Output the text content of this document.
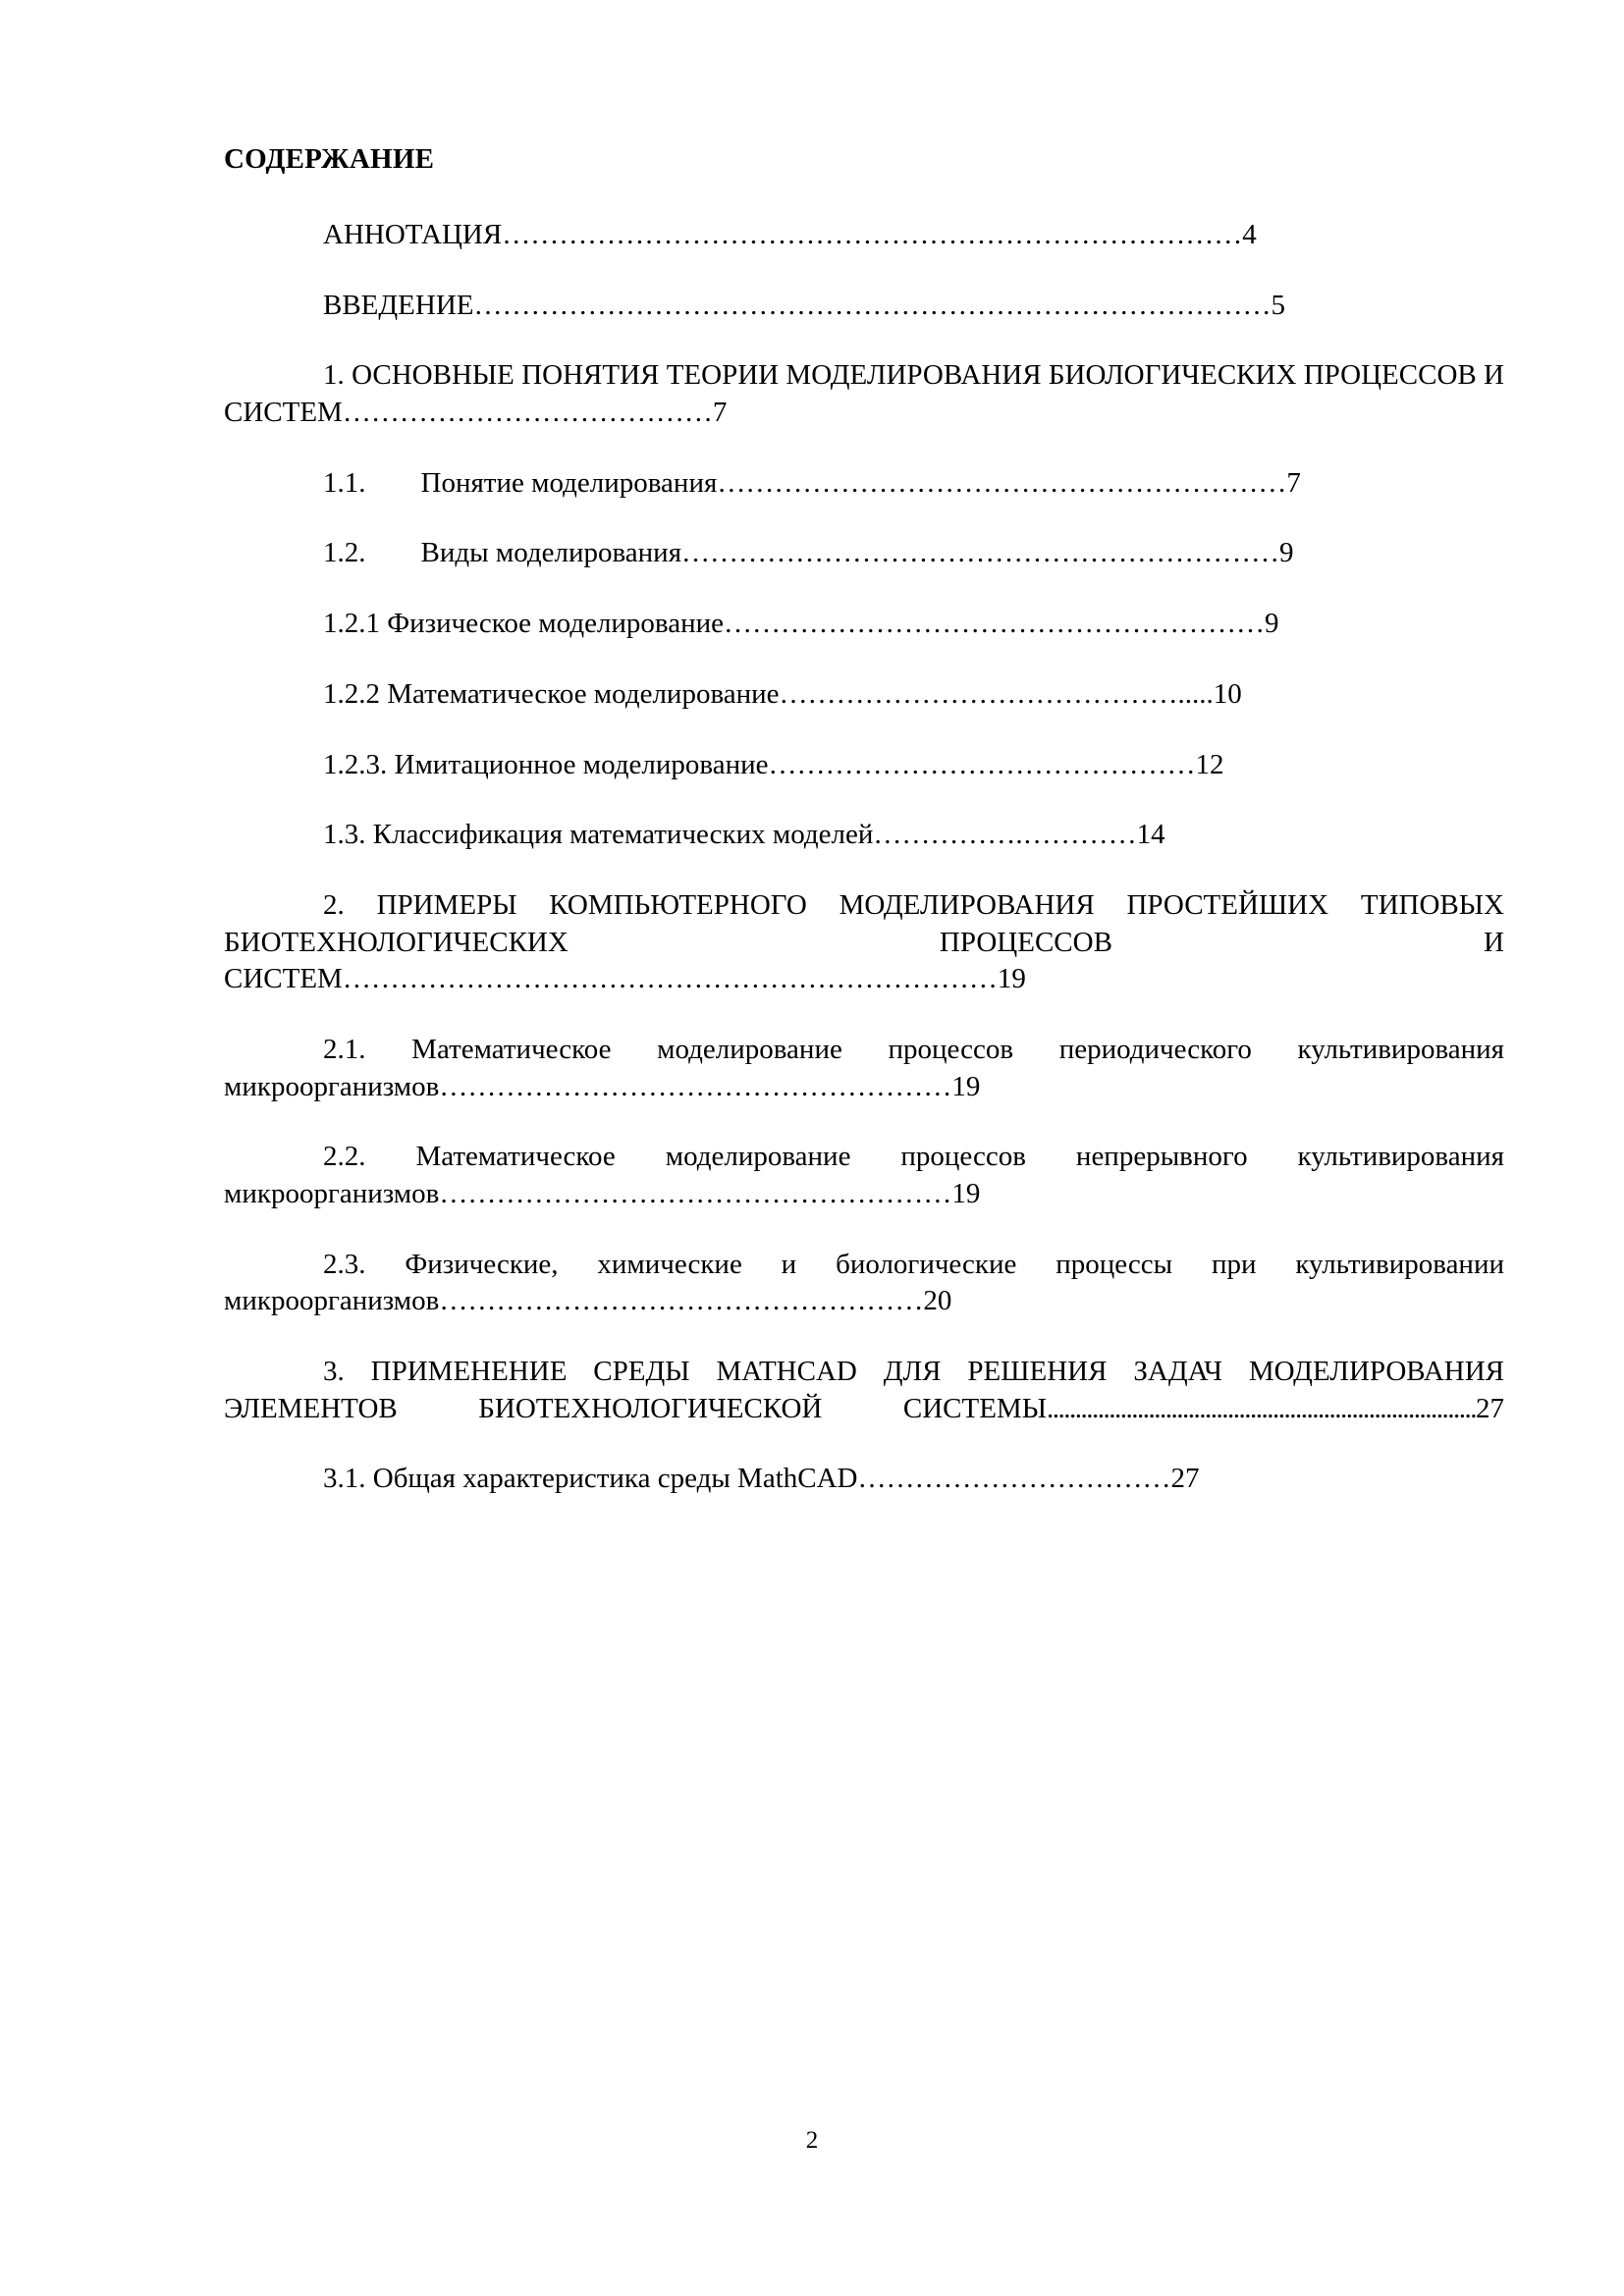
СОДЕРЖАНИЕ

АННОТАЦИЯ……………………………………………………………………4

ВВЕДЕНИЕ…………………………………………………………………………5

1. ОСНОВНЫЕ ПОНЯТИЯ ТЕОРИИ МОДЕЛИРОВАНИЯ БИОЛОГИЧЕСКИХ ПРОЦЕССОВ И СИСТЕМ…………………………………7

1.1. Понятие моделирования……………………………………………………7

1.2. Виды моделирования………………………………………………………9

1.2.1 Физическое моделирование…………………………………………………9

1.2.2 Математическое моделирование…………………………………….....10

1.2.3. Имитационное моделирование………………………………………12

1.3. Классификация математических моделей…………….…………14

2. ПРИМЕРЫ КОМПЬЮТЕРНОГО МОДЕЛИРОВАНИЯ ПРОСТЕЙШИХ ТИПОВЫХ БИОТЕХНОЛОГИЧЕСКИХ ПРОЦЕССОВ И СИСТЕМ……………………………………………………………19

2.1. Математическое моделирование процессов периодического культивирования микроорганизмов………………………………………………19

2.2. Математическое моделирование процессов непрерывного культивирования микроорганизмов………………………………………………19

2.3. Физические, химические и биологические процессы при культивировании микроорганизмов……………………………………………20

3. ПРИМЕНЕНИЕ СРЕДЫ MATHCAD ДЛЯ РЕШЕНИЯ ЗАДАЧ МОДЕЛИРОВАНИЯ ЭЛЕМЕНТОВ БИОТЕХНОЛОГИЧЕСКОЙ СИСТЕМЫ............................................................................27

3.1. Общая характеристика среды MathCAD……………………………27

2
